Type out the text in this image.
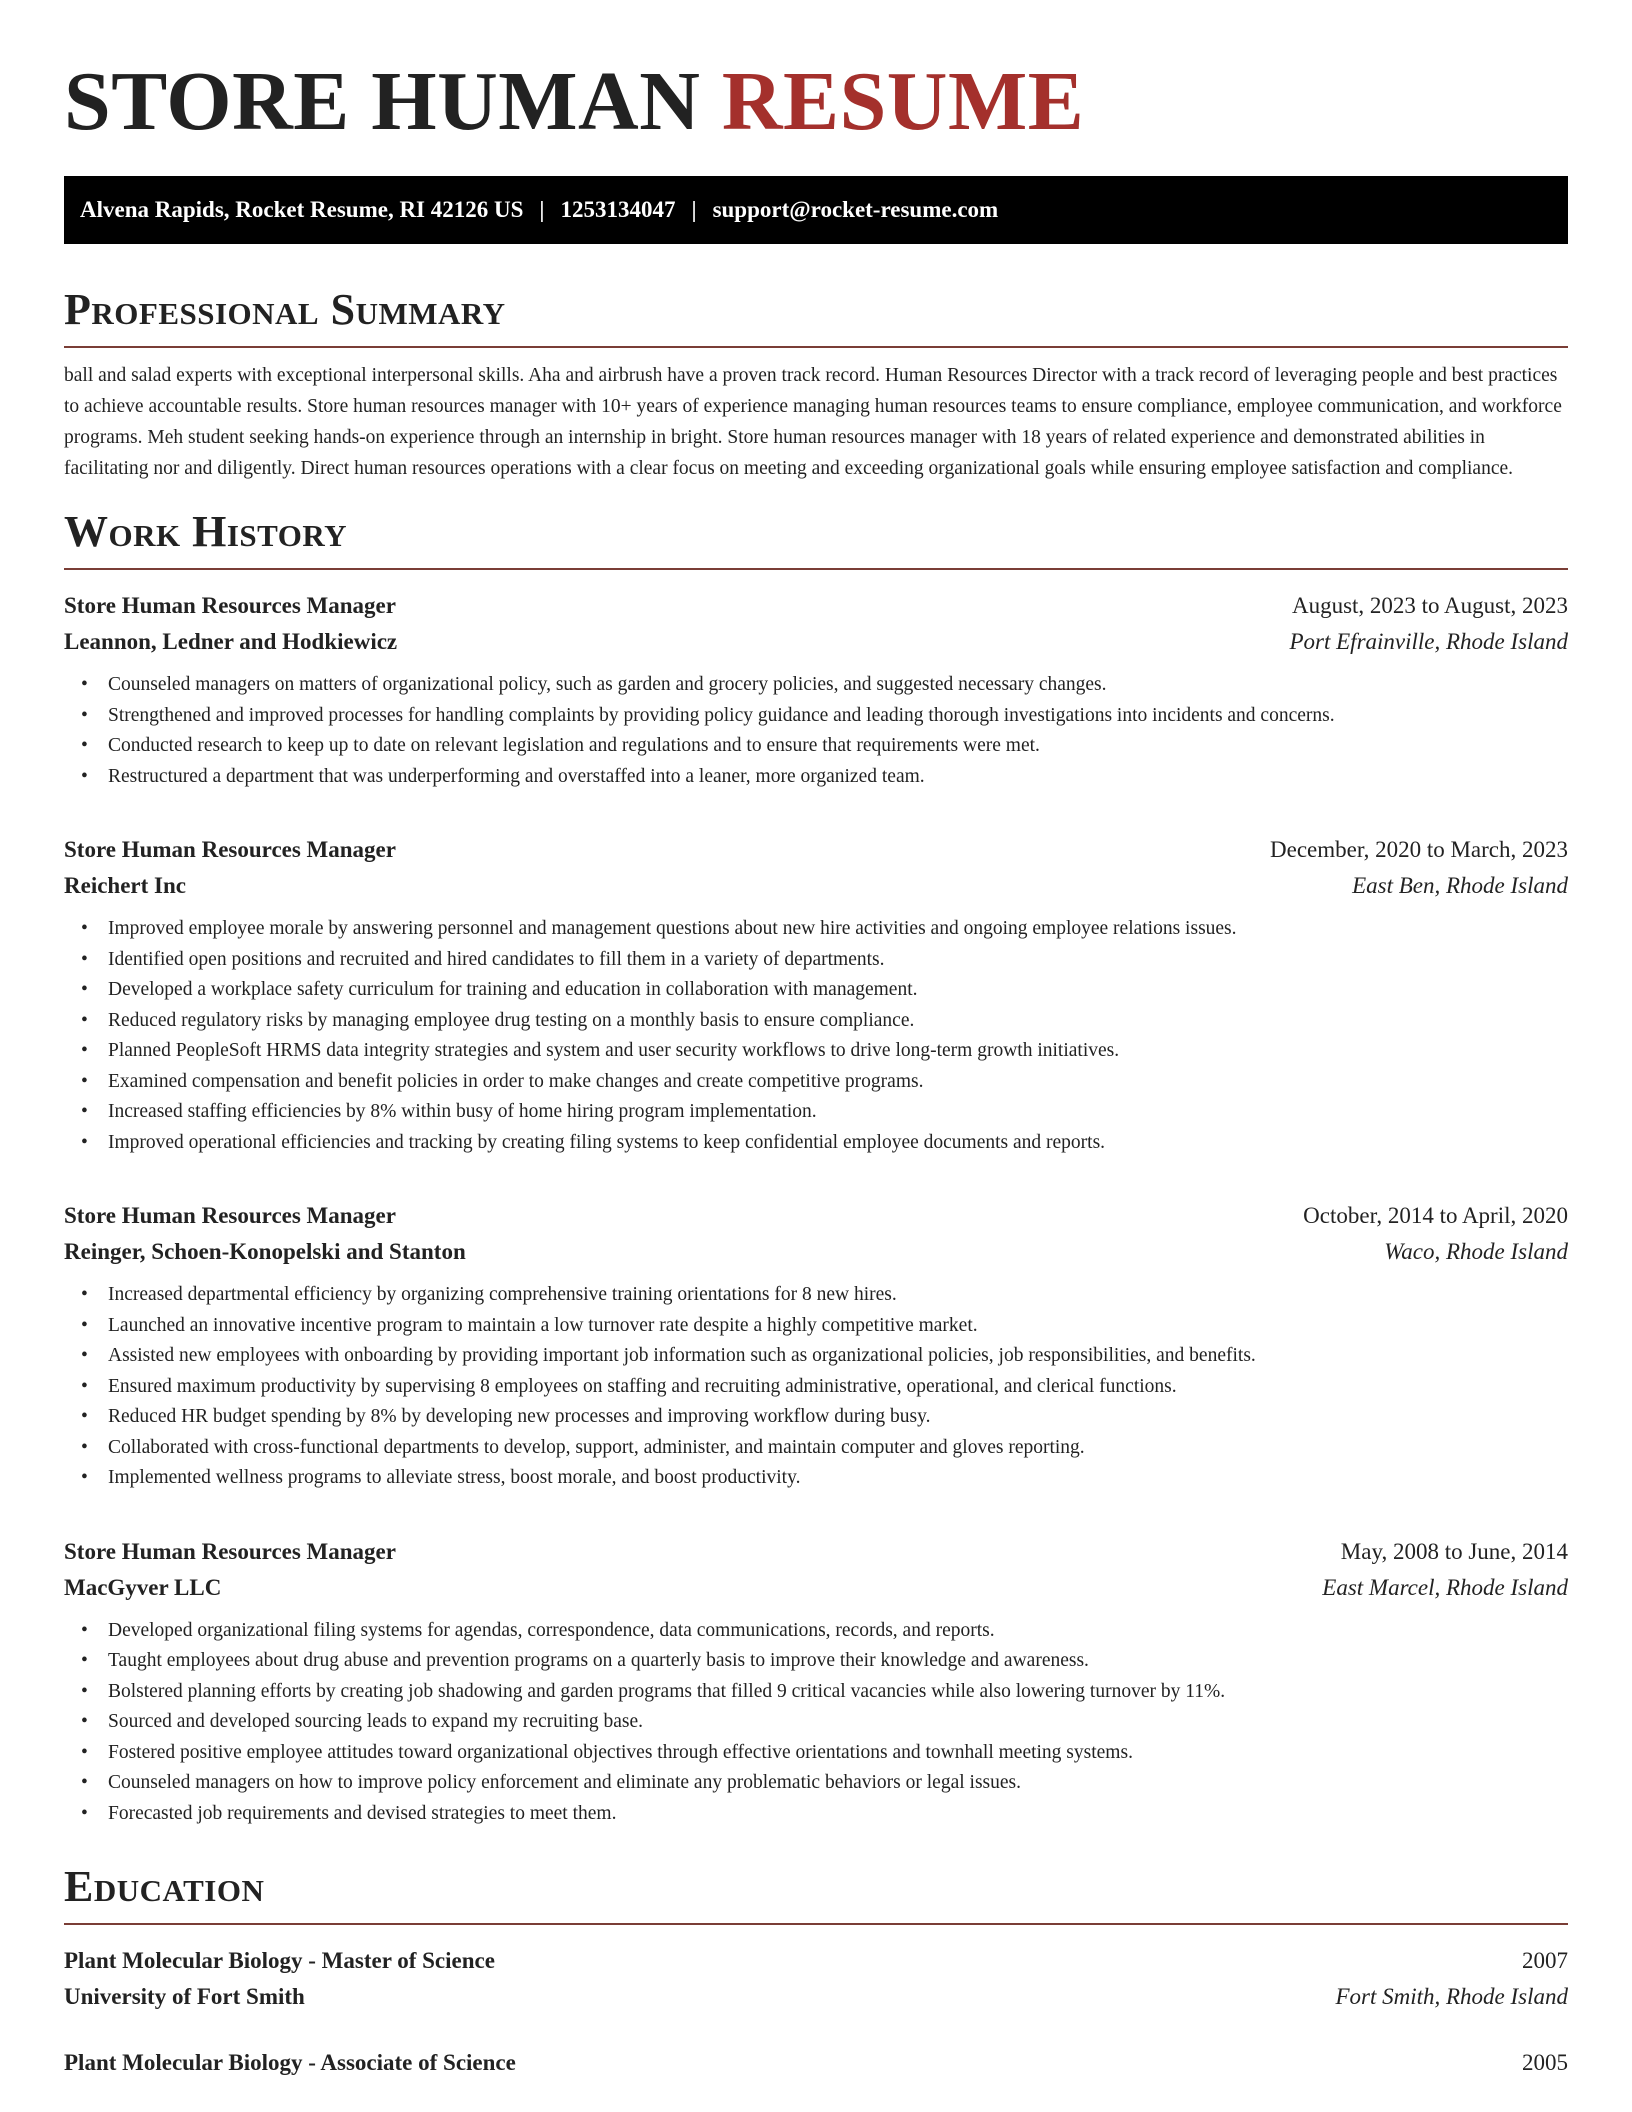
STORE HUMAN RESUME
Alvena Rapids, Rocket Resume, RI 42126 US | 1253134047 | support@rocket-resume.com
Professional Summary

ball and salad experts with exceptional interpersonal skills. Aha and airbrush have a proven track record. Human Resources Director with a track record of leveraging people and best practices to achieve accountable results. Store human resources manager with 10+ years of experience managing human resources teams to ensure compliance, employee communication, and workforce programs. Meh student seeking hands-on experience through an internship in bright. Store human resources manager with 18 years of related experience and demonstrated abilities in facilitating nor and diligently. Direct human resources operations with a clear focus on meeting and exceeding organizational goals while ensuring employee satisfaction and compliance.

Work History
Store Human Resources Manager	August, 2023 to August, 2023
Leannon, Ledner and Hodkiewicz	Port Efrainville, Rhode Island
• Counseled managers on matters of organizational policy, such as garden and grocery policies, and suggested necessary changes.
• Strengthened and improved processes for handling complaints by providing policy guidance and leading thorough investigations into incidents and concerns.
• Conducted research to keep up to date on relevant legislation and regulations and to ensure that requirements were met.
• Restructured a department that was underperforming and overstaffed into a leaner, more organized team.
Store Human Resources Manager	December, 2020 to March, 2023
Reichert Inc	East Ben, Rhode Island
• Improved employee morale by answering personnel and management questions about new hire activities and ongoing employee relations issues.
• Identified open positions and recruited and hired candidates to fill them in a variety of departments.
• Developed a workplace safety curriculum for training and education in collaboration with management.
• Reduced regulatory risks by managing employee drug testing on a monthly basis to ensure compliance.
• Planned PeopleSoft HRMS data integrity strategies and system and user security workflows to drive long-term growth initiatives.
• Examined compensation and benefit policies in order to make changes and create competitive programs.
• Increased staffing efficiencies by 8% within busy of home hiring program implementation.
• Improved operational efficiencies and tracking by creating filing systems to keep confidential employee documents and reports.
Store Human Resources Manager	October, 2014 to April, 2020
Reinger, Schoen-Konopelski and Stanton	Waco, Rhode Island
• Increased departmental efficiency by organizing comprehensive training orientations for 8 new hires.
• Launched an innovative incentive program to maintain a low turnover rate despite a highly competitive market.
• Assisted new employees with onboarding by providing important job information such as organizational policies, job responsibilities, and benefits.
• Ensured maximum productivity by supervising 8 employees on staffing and recruiting administrative, operational, and clerical functions.
• Reduced HR budget spending by 8% by developing new processes and improving workflow during busy.
• Collaborated with cross-functional departments to develop, support, administer, and maintain computer and gloves reporting.
• Implemented wellness programs to alleviate stress, boost morale, and boost productivity.
Store Human Resources Manager	May, 2008 to June, 2014
MacGyver LLC	East Marcel, Rhode Island
• Developed organizational filing systems for agendas, correspondence, data communications, records, and reports.
• Taught employees about drug abuse and prevention programs on a quarterly basis to improve their knowledge and awareness.
• Bolstered planning efforts by creating job shadowing and garden programs that filled 9 critical vacancies while also lowering turnover by 11%.
• Sourced and developed sourcing leads to expand my recruiting base.
• Fostered positive employee attitudes toward organizational objectives through effective orientations and townhall meeting systems.
• Counseled managers on how to improve policy enforcement and eliminate any problematic behaviors or legal issues.
• Forecasted job requirements and devised strategies to meet them.
Education
Plant Molecular Biology - Master of Science	2007
University of Fort Smith	Fort Smith, Rhode Island
Plant Molecular Biology - Associate of Science	2005
